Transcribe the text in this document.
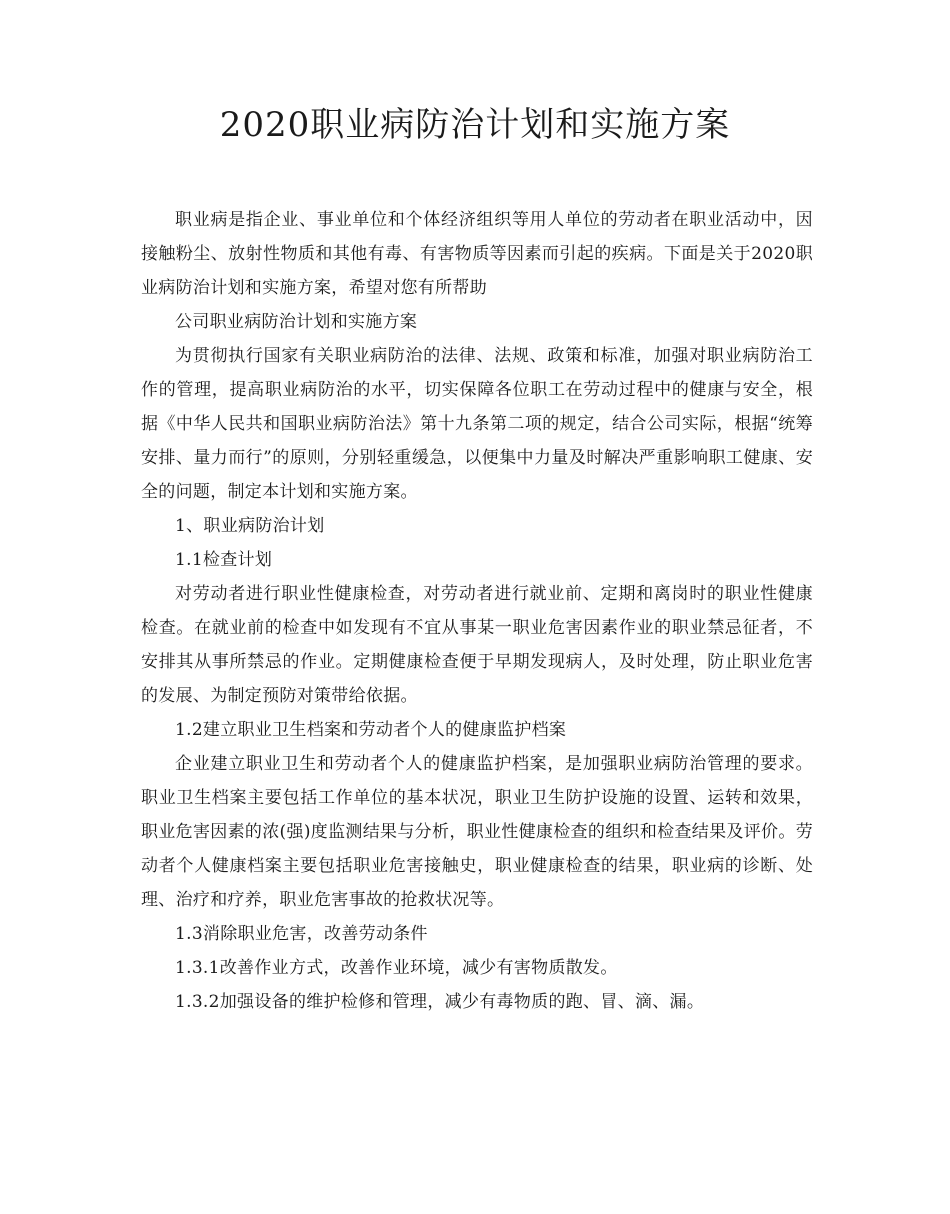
2020职业病防治计划和实施方案

职业病是指企业、事业单位和个体经济组织等用人单位的劳动者在职业活动中，因接触粉尘、放射性物质和其他有毒、有害物质等因素而引起的疾病。下面是关于2020职业病防治计划和实施方案，希望对您有所帮助

公司职业病防治计划和实施方案

为贯彻执行国家有关职业病防治的法律、法规、政策和标准，加强对职业病防治工作的管理，提高职业病防治的水平，切实保障各位职工在劳动过程中的健康与安全，根据《中华人民共和国职业病防治法》第十九条第二项的规定，结合公司实际，根据“统筹安排、量力而行”的原则，分别轻重缓急，以便集中力量及时解决严重影响职工健康、安全的问题，制定本计划和实施方案。

1、职业病防治计划

1.1检查计划

对劳动者进行职业性健康检查，对劳动者进行就业前、定期和离岗时的职业性健康检查。在就业前的检查中如发现有不宜从事某一职业危害因素作业的职业禁忌征者，不安排其从事所禁忌的作业。定期健康检查便于早期发现病人，及时处理，防止职业危害的发展、为制定预防对策带给依据。

1.2建立职业卫生档案和劳动者个人的健康监护档案

企业建立职业卫生和劳动者个人的健康监护档案，是加强职业病防治管理的要求。职业卫生档案主要包括工作单位的基本状况，职业卫生防护设施的设置、运转和效果，职业危害因素的浓(强)度监测结果与分析，职业性健康检查的组织和检查结果及评价。劳动者个人健康档案主要包括职业危害接触史，职业健康检查的结果，职业病的诊断、处理、治疗和疗养，职业危害事故的抢救状况等。

1.3消除职业危害，改善劳动条件

1.3.1改善作业方式，改善作业环境，减少有害物质散发。

1.3.2加强设备的维护检修和管理，减少有毒物质的跑、冒、滴、漏。
